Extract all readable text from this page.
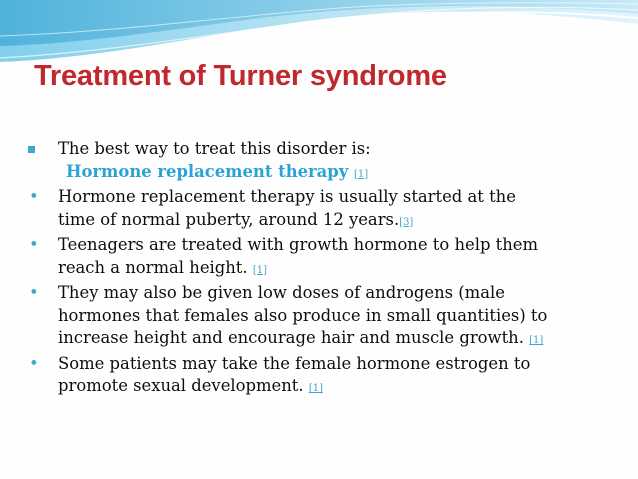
Treatment of Turner syndrome
The best way to treat this disorder is:
Hormone replacement therapy [1]
• Hormone replacement therapy is usually started at the
time of normal puberty, around 12 years.[3]
• Teenagers are treated with growth hormone to help them
reach a normal height. [1]
• They may also be given low doses of androgens (male
hormones that females also produce in small quantities) to
increase height and encourage hair and muscle growth. [1]
• Some patients may take the female hormone estrogen to
promote sexual development. [1]
